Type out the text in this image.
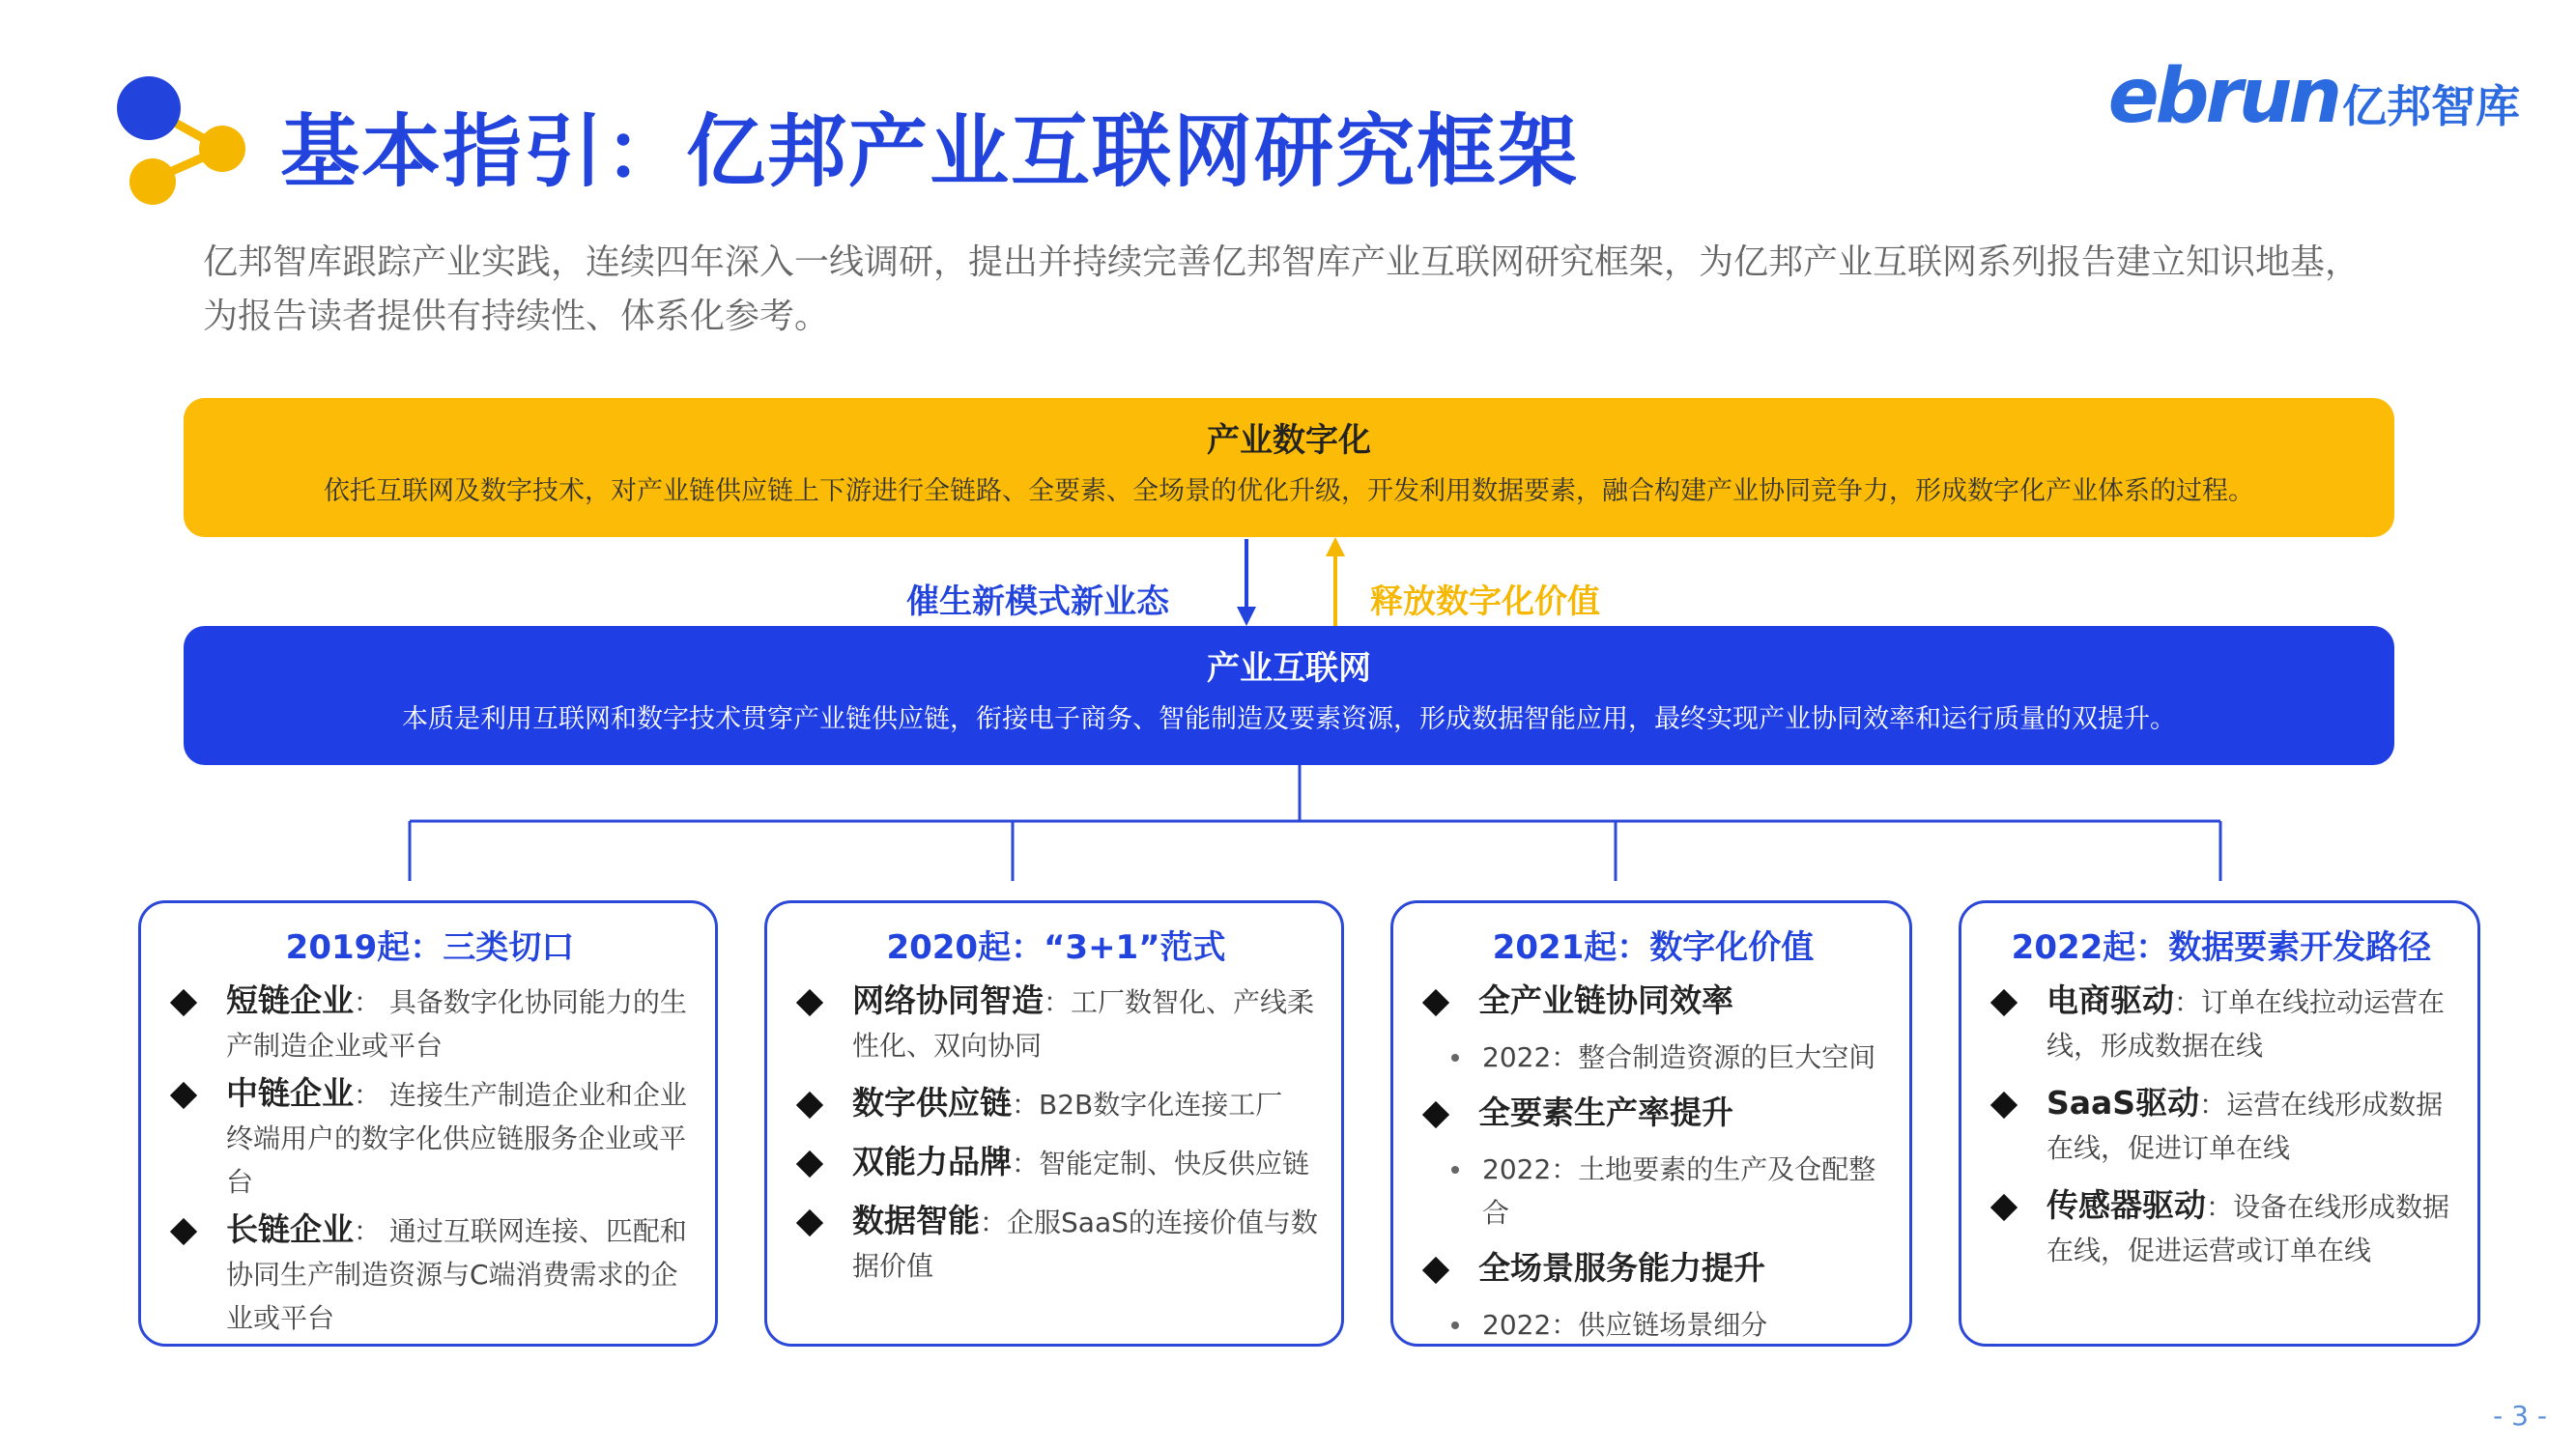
基本指引：亿邦产业互联网研究框架
ebrun 亿邦智库
亿邦智库跟踪产业实践，连续四年深入一线调研，提出并持续完善亿邦智库产业互联网研究框架，为亿邦产业互联网系列报告建立知识地基，
为报告读者提供有持续性、体系化参考。
产业数字化
依托互联网及数字技术，对产业链供应链上下游进行全链路、全要素、全场景的优化升级，开发利用数据要素，融合构建产业协同竞争力，形成数字化产业体系的过程。
催生新模式新业态	释放数字化价值
产业互联网
本质是利用互联网和数字技术贯穿产业链供应链，衔接电子商务、智能制造及要素资源，形成数据智能应用，最终实现产业协同效率和运行质量的双提升。
2019起：三类切口
短链企业： 具备数字化协同能力的生产制造企业或平台
中链企业： 连接生产制造企业和企业终端用户的数字化供应链服务企业或平台
长链企业： 通过互联网连接、匹配和协同生产制造资源与C端消费需求的企业或平台
2020起：“3+1”范式
网络协同智造：工厂数智化、产线柔性化、双向协同
数字供应链：B2B数字化连接工厂
双能力品牌：智能定制、快反供应链
数据智能：企服SaaS的连接价值与数据价值
2021起：数字化价值
全产业链协同效率
2022：整合制造资源的巨大空间
全要素生产率提升
2022：土地要素的生产及仓配整合
全场景服务能力提升
2022：供应链场景细分
2022起：数据要素开发路径
电商驱动：订单在线拉动运营在线，形成数据在线
SaaS驱动：运营在线形成数据在线，促进订单在线
传感器驱动：设备在线形成数据在线，促进运营或订单在线
- 3 -
